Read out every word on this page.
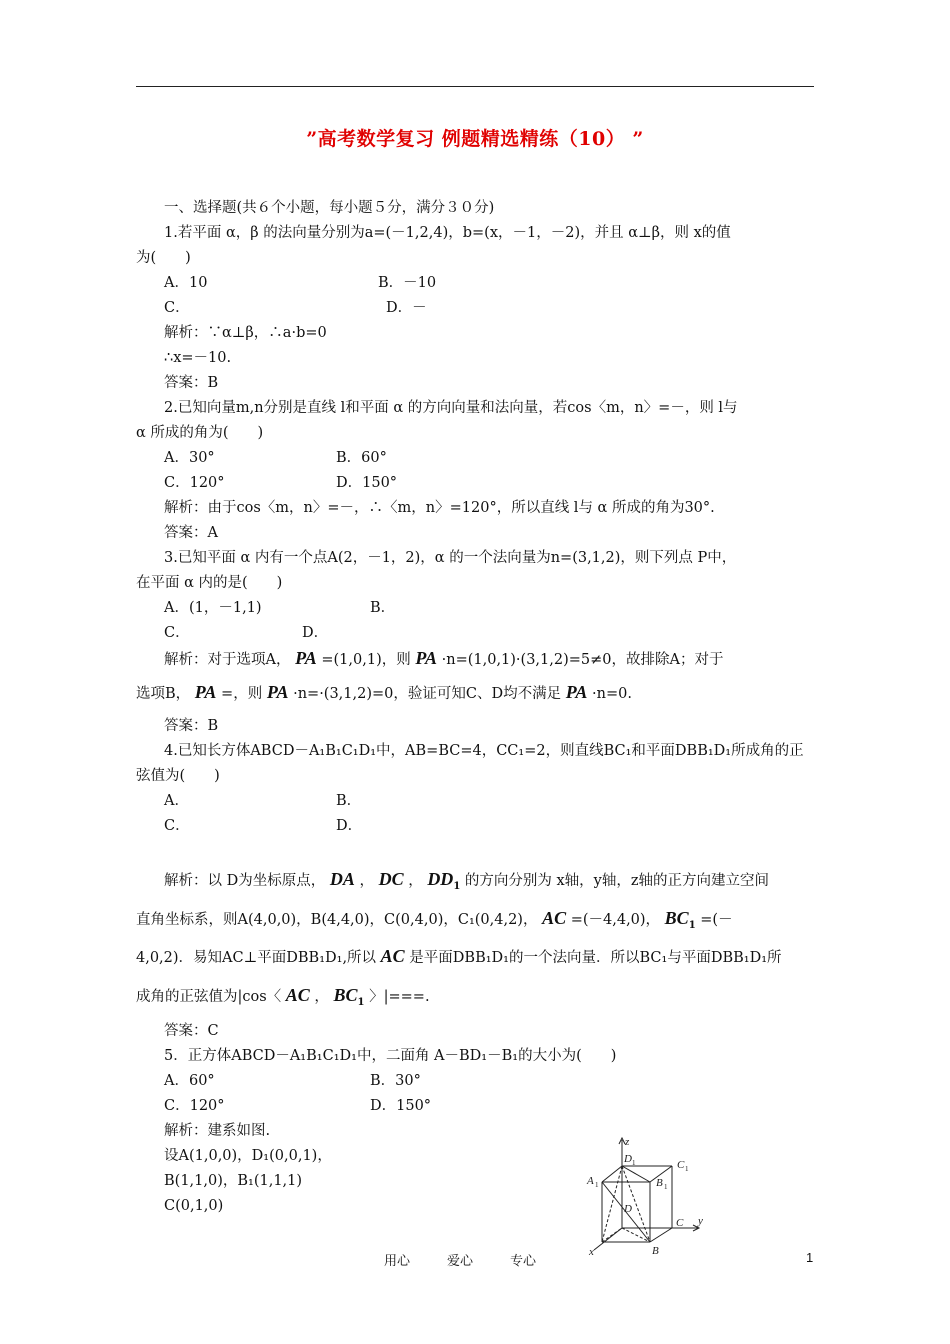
”高考数学复习 例题精选精练（10） ”
一、选择题(共６个小题，每小题５分，满分３０分)
1.若平面 α，β 的法向量分别为a=(－1,2,4)，b=(x，－1，－2)，并且 α⊥β，则 x的值
为(　　)
A．10	B．－10
C．	D．－
解析：∵α⊥β，∴a·b=0
∴x=－10.
答案：B
2.已知向量m,n分别是直线 l和平面 α 的方向向量和法向量，若cos〈m，n〉=－，则 l与
α 所成的角为(　　)
A．30°	B．60°
C．120°	D．150°
解析：由于cos〈m，n〉=－，∴〈m，n〉=120°，所以直线 l与 α 所成的角为30°.
答案：A
3.已知平面 α 内有一个点A(2，－1，2)，α 的一个法向量为n=(3,1,2)，则下列点 P中，
在平面 α 内的是(　　)
A．(1，－1,1)	B．
C．	D．
答案：B
4.已知长方体ABCD－A₁B₁C₁D₁中，AB=BC=4，CC₁=2，则直线BC₁和平面DBB₁D₁所成角的正
弦值为(　　)
A．	B．
C．	D．
答案：C
5．正方体ABCD－A₁B₁C₁D₁中，二面角 A－BD₁－B₁的大小为(　　)
A．60°	B．30°
C．120°	D．150°
解析：建系如图.
设A(1,0,0)，D₁(0,0,1)，
B(1,1,0)，B₁(1,1,1)
C(0,1,0)
解析：对于选项A， PA =(1,0,1)，则 PA ·n=(1,0,1)·(3,1,2)=5≠0，故排除A；对于
选项B， PA =，则 PA ·n=·(3,1,2)=0，验证可知C、D均不满足 PA ·n=0.
解析：以 D为坐标原点， DA ， DC ， $DD_1$ 的方向分别为 x轴，y轴，z轴的正方向建立空间
直角坐标系，则A(4,0,0)，B(4,4,0)，C(0,4,0)，C₁(0,4,2)， AC =(－4,4,0)， $BC_1$ =(－
4,0,2)．易知AC⊥平面DBB₁D₁,所以 AC 是平面DBB₁D₁的一个法向量．所以BC₁与平面DBB₁D₁所
成角的正弦值为|cos〈 AC ， $BC_1$ 〉|===.
z
y
x
A 1	B 1
C 1
D 1
D
B
C
用心	爱心	专心	1
